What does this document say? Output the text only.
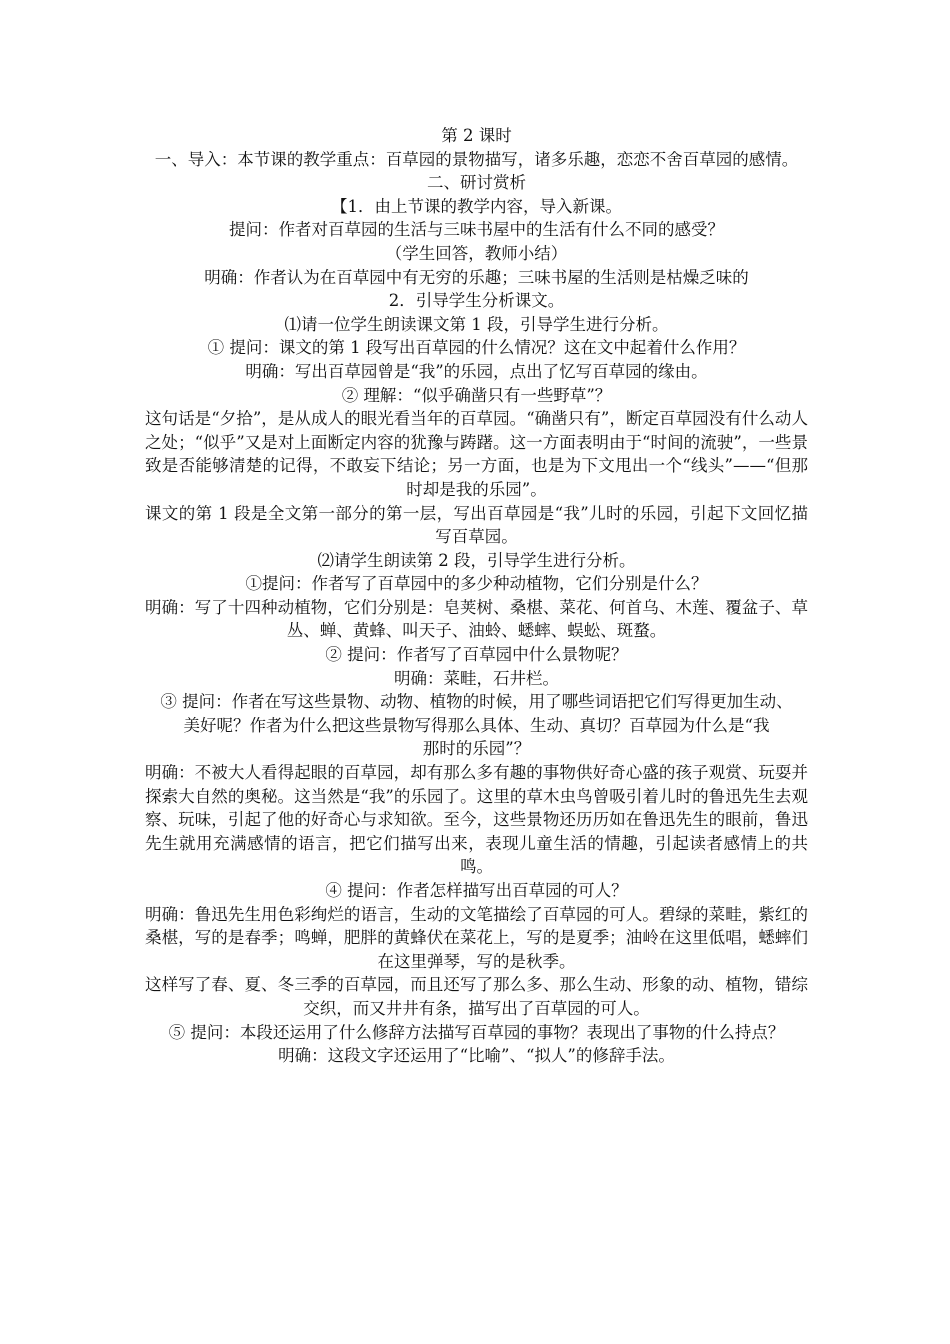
第 2 课时

一、导入：本节课的教学重点：百草园的景物描写，诸多乐趣，恋恋不舍百草园的感情。

二、研讨赏析

【1．由上节课的教学内容，导入新课。

提问：作者对百草园的生活与三味书屋中的生活有什么不同的感受？

（学生回答，教师小结）

明确：作者认为在百草园中有无穷的乐趣；三味书屋的生活则是枯燥乏味的

2．引导学生分析课文。

⑴请一位学生朗读课文第 1 段，引导学生进行分析。

① 提问：课文的第 1 段写出百草园的什么情况？这在文中起着什么作用？

明确：写出百草园曾是“我”的乐园，点出了忆写百草园的缘由。

② 理解：“似乎确凿只有一些野草”？

这句话是“夕拾”，是从成人的眼光看当年的百草园。“确凿只有”，断定百草园没有什么动人之处；“似乎”又是对上面断定内容的犹豫与踌躇。这一方面表明由于“时间的流驶”，一些景致是否能够清楚的记得，不敢妄下结论；另一方面，也是为下文甩出一个“线头”——“但那时却是我的乐园”。

课文的第 1 段是全文第一部分的第一层，写出百草园是“我”儿时的乐园，引起下文回忆描写百草园。

⑵请学生朗读第 2 段，引导学生进行分析。

①提问：作者写了百草园中的多少种动植物，它们分别是什么？

明确：写了十四种动植物，它们分别是：皂荚树、桑椹、菜花、何首乌、木莲、覆盆子、草丛、蝉、黄蜂、叫天子、油蛉、蟋蟀、蜈蚣、斑蝥。

② 提问：作者写了百草园中什么景物呢？

明确：菜畦，石井栏。

③ 提问：作者在写这些景物、动物、植物的时候，用了哪些词语把它们写得更加生动、

美好呢？作者为什么把这些景物写得那么具体、生动、真切？百草园为什么是“我

那时的乐园”？

明确：不被大人看得起眼的百草园，却有那么多有趣的事物供好奇心盛的孩子观赏、玩耍并探索大自然的奥秘。这当然是“我”的乐园了。这里的草木虫鸟曾吸引着儿时的鲁迅先生去观察、玩味，引起了他的好奇心与求知欲。至今，这些景物还历历如在鲁迅先生的眼前，鲁迅先生就用充满感情的语言，把它们描写出来，表现儿童生活的情趣，引起读者感情上的共鸣。

④ 提问：作者怎样描写出百草园的可人？

明确：鲁迅先生用色彩绚烂的语言，生动的文笔描绘了百草园的可人。碧绿的菜畦，紫红的桑椹，写的是春季；鸣蝉，肥胖的黄蜂伏在菜花上，写的是夏季；油岭在这里低唱，蟋蟀们在这里弹琴，写的是秋季。

这样写了春、夏、冬三季的百草园，而且还写了那么多、那么生动、形象的动、植物，错综交织，而又井井有条，描写出了百草园的可人。

⑤ 提问：本段还运用了什么修辞方法描写百草园的事物？表现出了事物的什么持点？

明确：这段文字还运用了“比喻”、“拟人”的修辞手法。
